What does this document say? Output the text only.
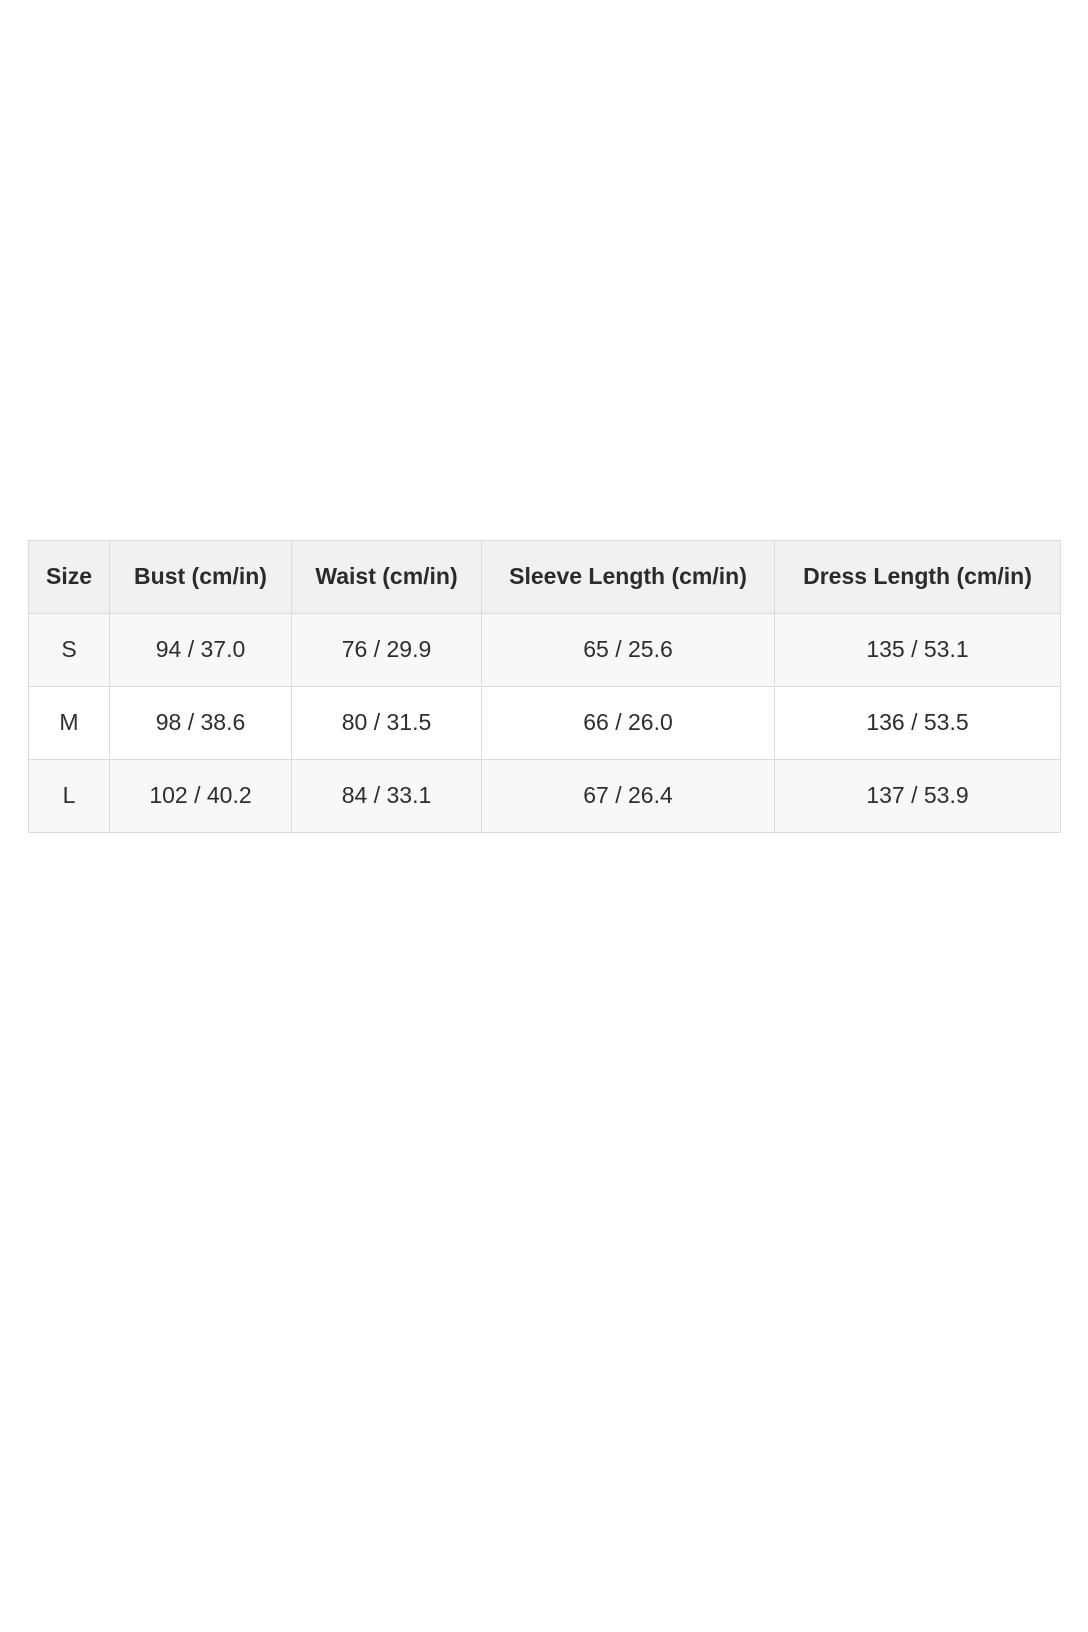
Size	Bust (cm/in)	Waist (cm/in)	Sleeve Length (cm/in)	Dress Length (cm/in)
S	94 / 37.0	76 / 29.9	65 / 25.6	135 / 53.1
M	98 / 38.6	80 / 31.5	66 / 26.0	136 / 53.5
L	102 / 40.2	84 / 33.1	67 / 26.4	137 / 53.9
